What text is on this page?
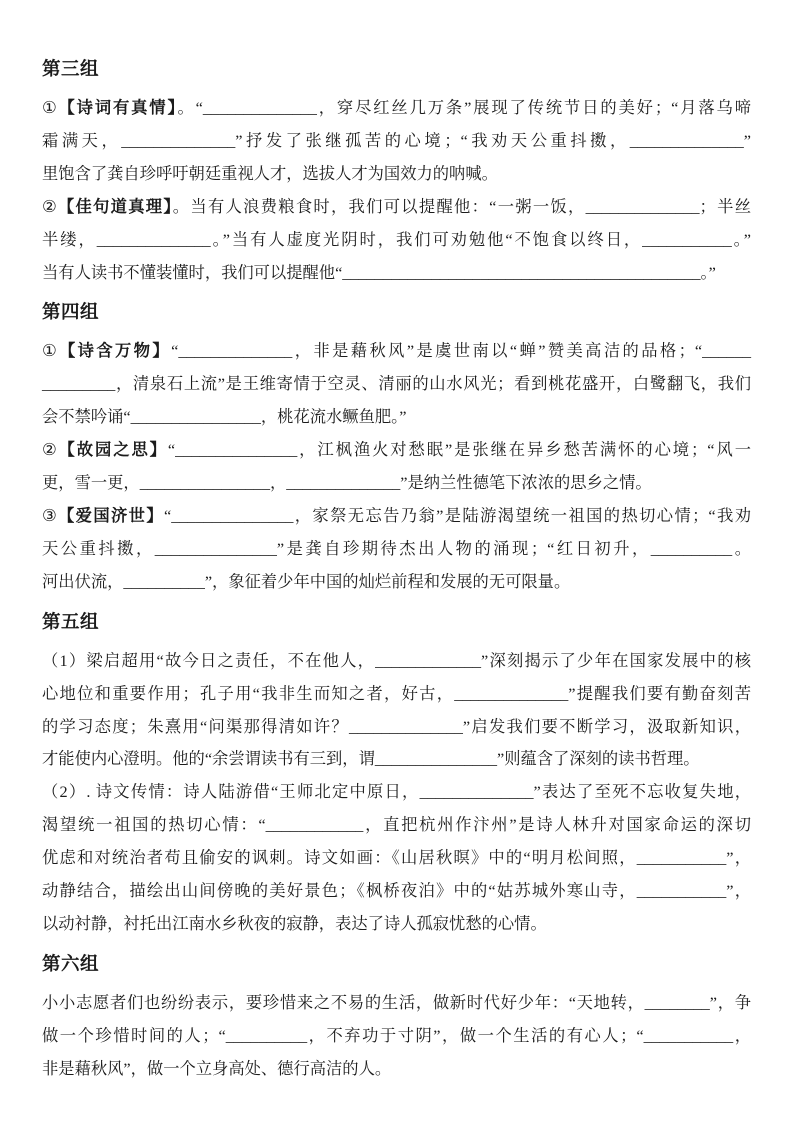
第三组
①【诗词有真情】。“______________，穿尽红丝几万条”展现了传统节日的美好；“月落乌啼
霜满天，______________”抒发了张继孤苦的心境；“我劝天公重抖擞，______________”
里饱含了龚自珍呼吁朝廷重视人才，选拔人才为国效力的呐喊。
②【佳句道真理】。当有人浪费粮食时，我们可以提醒他：“一粥一饭，______________；半丝
半缕，______________。”当有人虚度光阴时，我们可劝勉他“不饱食以终日，___________。”
当有人读书不懂装懂时，我们可以提醒他“____________________________________________。”
第四组
①【诗含万物】“______________，非是藉秋风”是虞世南以“蝉”赞美高洁的品格；“______
_________，清泉石上流”是王维寄情于空灵、清丽的山水风光；看到桃花盛开，白鹭翻飞，我们
会不禁吟诵“________________，桃花流水鳜鱼肥。”
②【故园之思】“_______________，江枫渔火对愁眠”是张继在异乡愁苦满怀的心境；“风一
更，雪一更，________________，______________”是纳兰性德笔下浓浓的思乡之情。
③【爱国济世】“_______________，家祭无忘告乃翁”是陆游渴望统一祖国的热切心情；“我劝
天公重抖擞，_______________”是龚自珍期待杰出人物的涌现；“红日初升，__________。
河出伏流，__________”，象征着少年中国的灿烂前程和发展的无可限量。
第五组
（1）梁启超用“故今日之责任，不在他人，_____________”深刻揭示了少年在国家发展中的核
心地位和重要作用；孔子用“我非生而知之者，好古，______________”提醒我们要有勤奋刻苦
的学习态度；朱熹用“问渠那得清如许？______________”启发我们要不断学习，汲取新知识，
才能使内心澄明。他的“余尝谓读书有三到，谓_______________”则蕴含了深刻的读书哲理。
（2）. 诗文传情：诗人陆游借“王师北定中原日，______________”表达了至死不忘收复失地，
渴望统一祖国的热切心情：“____________，直把杭州作汴州”是诗人林升对国家命运的深切
优虑和对统治者苟且偷安的讽刺。诗文如画：《山居秋暝》中的“明月松间照，___________”，
动静结合，描绘出山间傍晚的美好景色；《枫桥夜泊》中的“姑苏城外寒山寺，___________”，
以动衬静，衬托出江南水乡秋夜的寂静，表达了诗人孤寂忧愁的心情。
第六组
小小志愿者们也纷纷表示，要珍惜来之不易的生活，做新时代好少年：“天地转，________”，争
做一个珍惜时间的人；“__________，不弃功于寸阴”，做一个生活的有心人；“___________，
非是藉秋风”，做一个立身高处、德行高洁的人。
